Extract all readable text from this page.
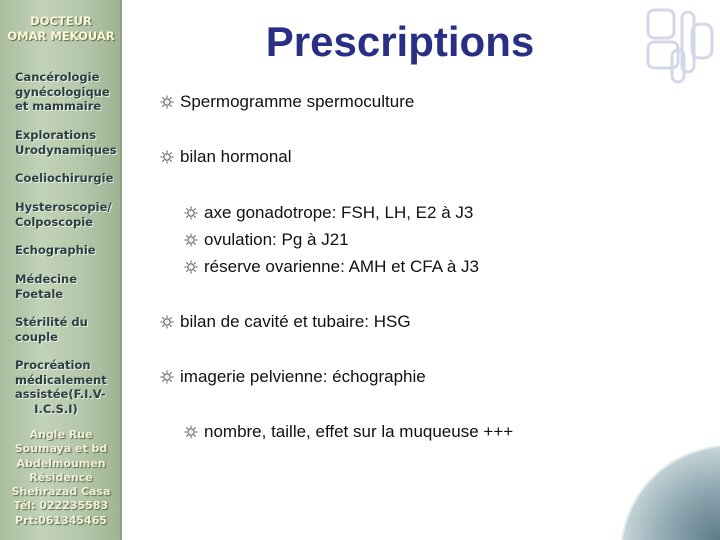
DOCTEUR
OMAR MEKOUAR
Cancérologie
gynécologique
et mammaire
Explorations
Urodynamiques
Coeliochirurgie
Hysteroscopie/
Colposcopie
Echographie
Médecine
Foetale
Stérilité du
couple
Procréation
médicalement
assistée(F.I.V-
I.C.S.I)
Angle Rue
Soumaya et bd
Abdelmoumen
Résidence
Shehrazad Casa
Tél: 022235583
Prt:061345465
Prescriptions
Spermogramme spermoculture
bilan hormonal
axe gonadotrope: FSH, LH, E2 à J3
ovulation: Pg à J21
réserve ovarienne: AMH et CFA à J3
bilan de cavité et tubaire: HSG
imagerie pelvienne: échographie
nombre, taille, effet sur la muqueuse +++
